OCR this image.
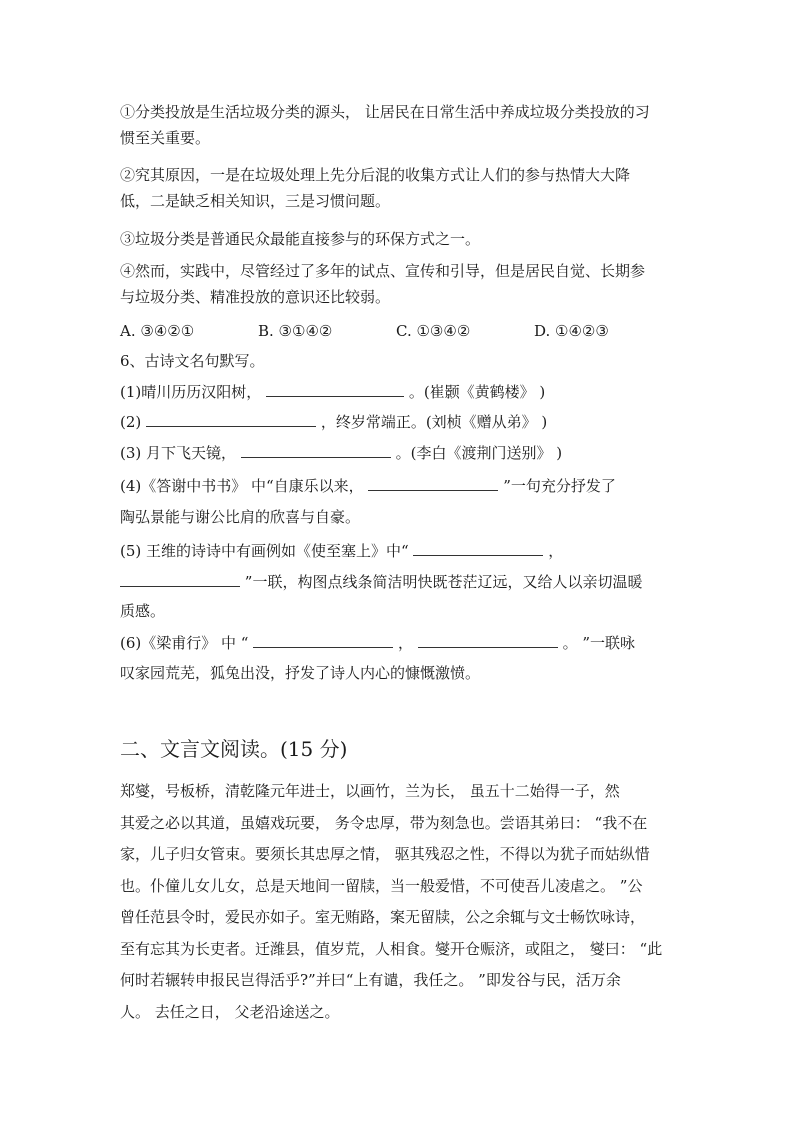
①分类投放是生活垃圾分类的源头， 让居民在日常生活中养成垃圾分类投放的习
惯至关重要。
②究其原因，一是在垃圾处理上先分后混的收集方式让人们的参与热情大大降
低，二是缺乏相关知识，三是习惯问题。
③垃圾分类是普通民众最能直接参与的环保方式之一。
④然而，实践中，尽管经过了多年的试点、宣传和引导，但是居民自觉、长期参
与垃圾分类、精准投放的意识还比较弱。
A. ③④②①	B. ③①④②	C. ①③④②	D. ①④②③
6、古诗文名句默写。
(1)晴川历历汉阳树，	。(崔颢《黄鹤楼》 )
(2)	，终岁常端正。(刘桢《赠从弟》 )
(3) 月下飞天镜，	。(李白《渡荆门送别》 )
(4)《答谢中书书》 中“自康乐以来，	”一句充分抒发了
陶弘景能与谢公比肩的欣喜与自豪。
(5) 王维的诗诗中有画例如《使至塞上》中“	，
”一联，构图点线条简洁明快既苍茫辽远，又给人以亲切温暖
质感。
(6)《梁甫行》 中 “	，	。 ”一联咏
叹家园荒芜，狐兔出没，抒发了诗人内心的慷慨激愤。
二、文言文阅读。(15 分)
郑燮，号板桥，清乾隆元年进士，以画竹，兰为长， 虽五十二始得一子，然
其爱之必以其道，虽嬉戏玩要， 务令忠厚，带为刻急也。尝语其弟曰： “我不在
家，儿子归女管束。要须长其忠厚之情， 驱其残忍之性，不得以为犹子而姑纵惜
也。仆僮儿女儿女，总是天地间一留牍，当一般爱惜，不可使吾儿凌虐之。 ”公
曾任范县令时，爱民亦如子。室无贿路，案无留牍，公之余辄与文士畅饮咏诗，
至有忘其为长吏者。迁潍县，值岁荒，人相食。燮开仓赈济，或阻之， 燮曰： “此
何时若辗转申报民岂得活乎?”并曰“上有谴，我任之。 ”即发谷与民，活万余
人。 去任之日， 父老沿途送之。
